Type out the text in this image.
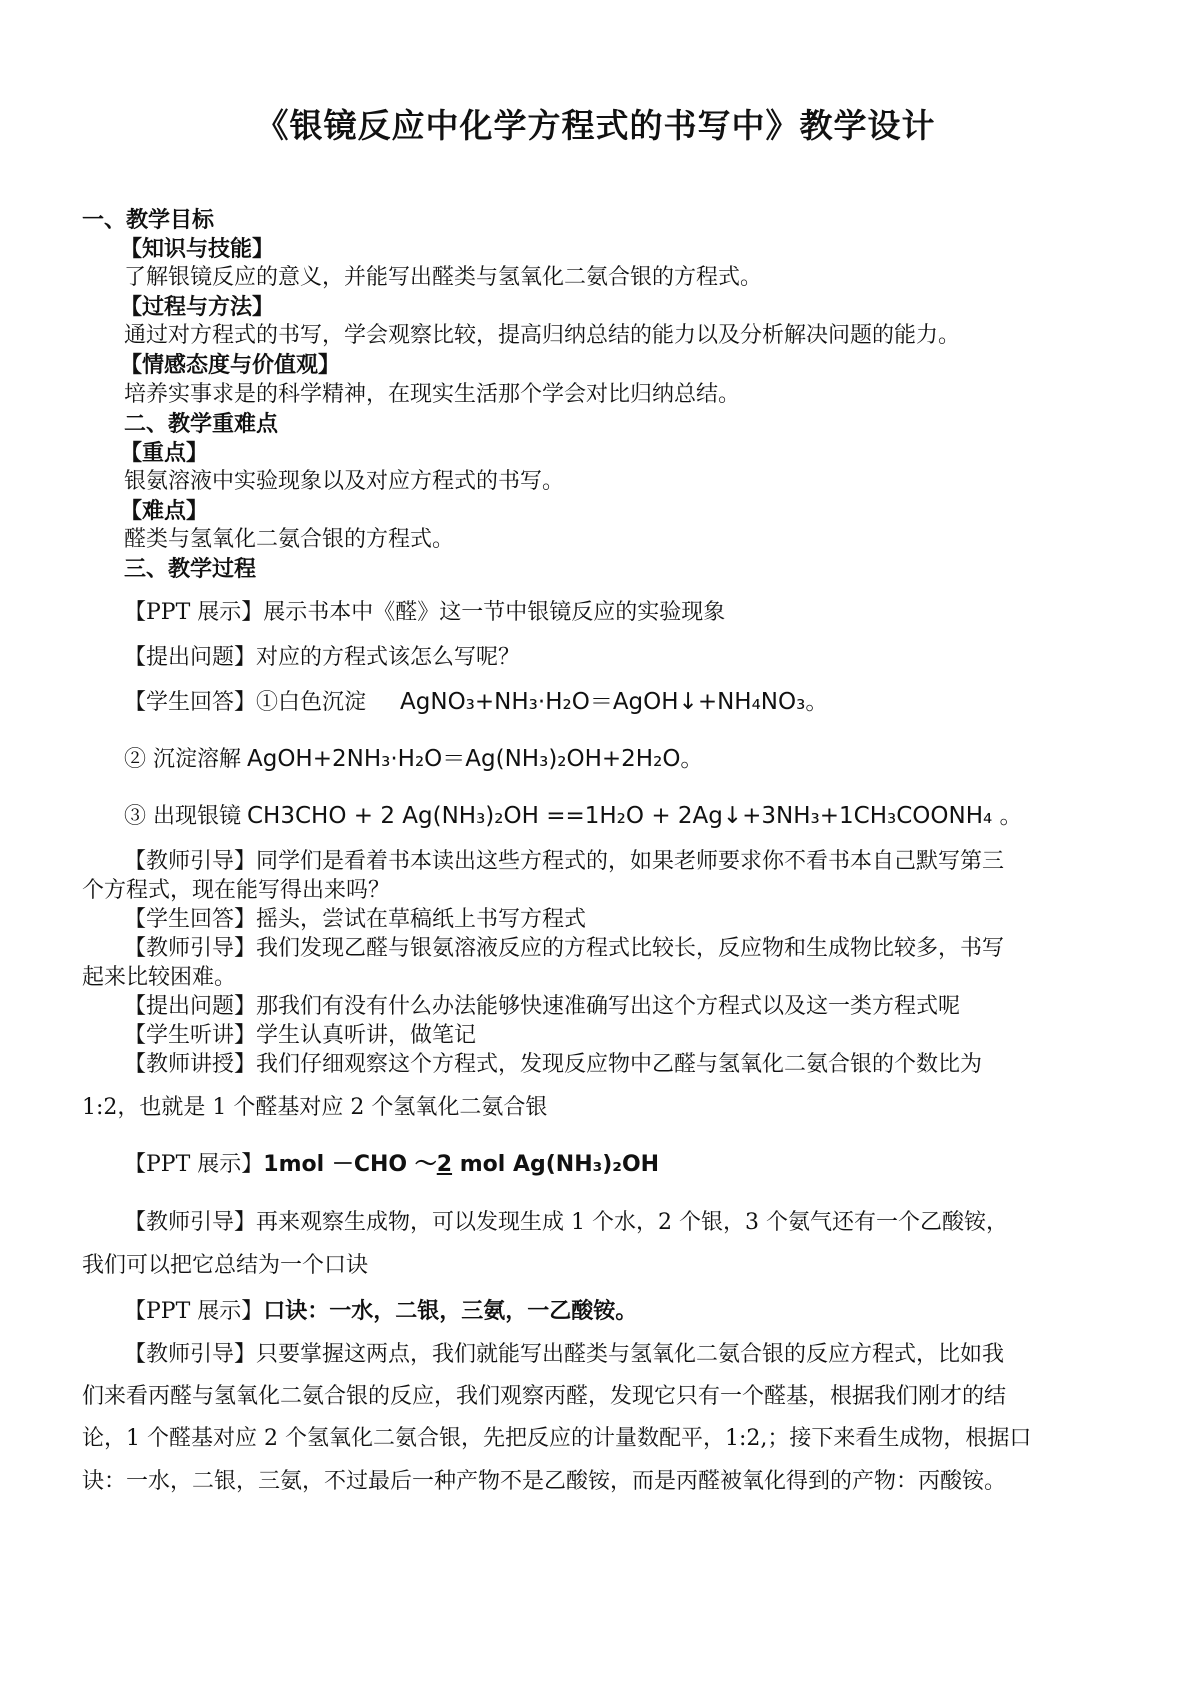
《银镜反应中化学方程式的书写中》教学设计
一、教学目标
【知识与技能】
了解银镜反应的意义，并能写出醛类与氢氧化二氨合银的方程式。
【过程与方法】
通过对方程式的书写，学会观察比较，提高归纳总结的能力以及分析解决问题的能力。
【情感态度与价值观】
培养实事求是的科学精神，在现实生活那个学会对比归纳总结。
二、教学重难点
【重点】
银氨溶液中实验现象以及对应方程式的书写。
【难点】
醛类与氢氧化二氨合银的方程式。
三、教学过程
【PPT 展示】展示书本中《醛》这一节中银镜反应的实验现象
【提出问题】对应的方程式该怎么写呢？
【学生回答】①白色沉淀 AgNO₃+NH₃·H₂O＝AgOH↓+NH₄NO₃。
② 沉淀溶解 AgOH+2NH₃·H₂O＝Ag(NH₃)₂OH+2H₂O。
③ 出现银镜 CH3CHO + 2 Ag(NH₃)₂OH ==1H₂O + 2Ag↓+3NH₃+1CH₃COONH₄ 。
【教师引导】同学们是看着书本读出这些方程式的，如果老师要求你不看书本自己默写第三
个方程式，现在能写得出来吗？
【学生回答】摇头，尝试在草稿纸上书写方程式
【教师引导】我们发现乙醛与银氨溶液反应的方程式比较长，反应物和生成物比较多，书写
起来比较困难。
【提出问题】那我们有没有什么办法能够快速准确写出这个方程式以及这一类方程式呢
【学生听讲】学生认真听讲，做笔记
【教师讲授】我们仔细观察这个方程式，发现反应物中乙醛与氢氧化二氨合银的个数比为
1:2，也就是 1 个醛基对应 2 个氢氧化二氨合银
【PPT 展示】1mol －CHO ～2 mol Ag(NH₃)₂OH
【教师引导】再来观察生成物，可以发现生成 1 个水，2 个银，3 个氨气还有一个乙酸铵，
我们可以把它总结为一个口诀
【PPT 展示】口诀：一水，二银，三氨，一乙酸铵。
【教师引导】只要掌握这两点，我们就能写出醛类与氢氧化二氨合银的反应方程式，比如我
们来看丙醛与氢氧化二氨合银的反应，我们观察丙醛，发现它只有一个醛基，根据我们刚才的结
论，1 个醛基对应 2 个氢氧化二氨合银，先把反应的计量数配平，1:2,；接下来看生成物，根据口
诀：一水，二银，三氨，不过最后一种产物不是乙酸铵，而是丙醛被氧化得到的产物：丙酸铵。
